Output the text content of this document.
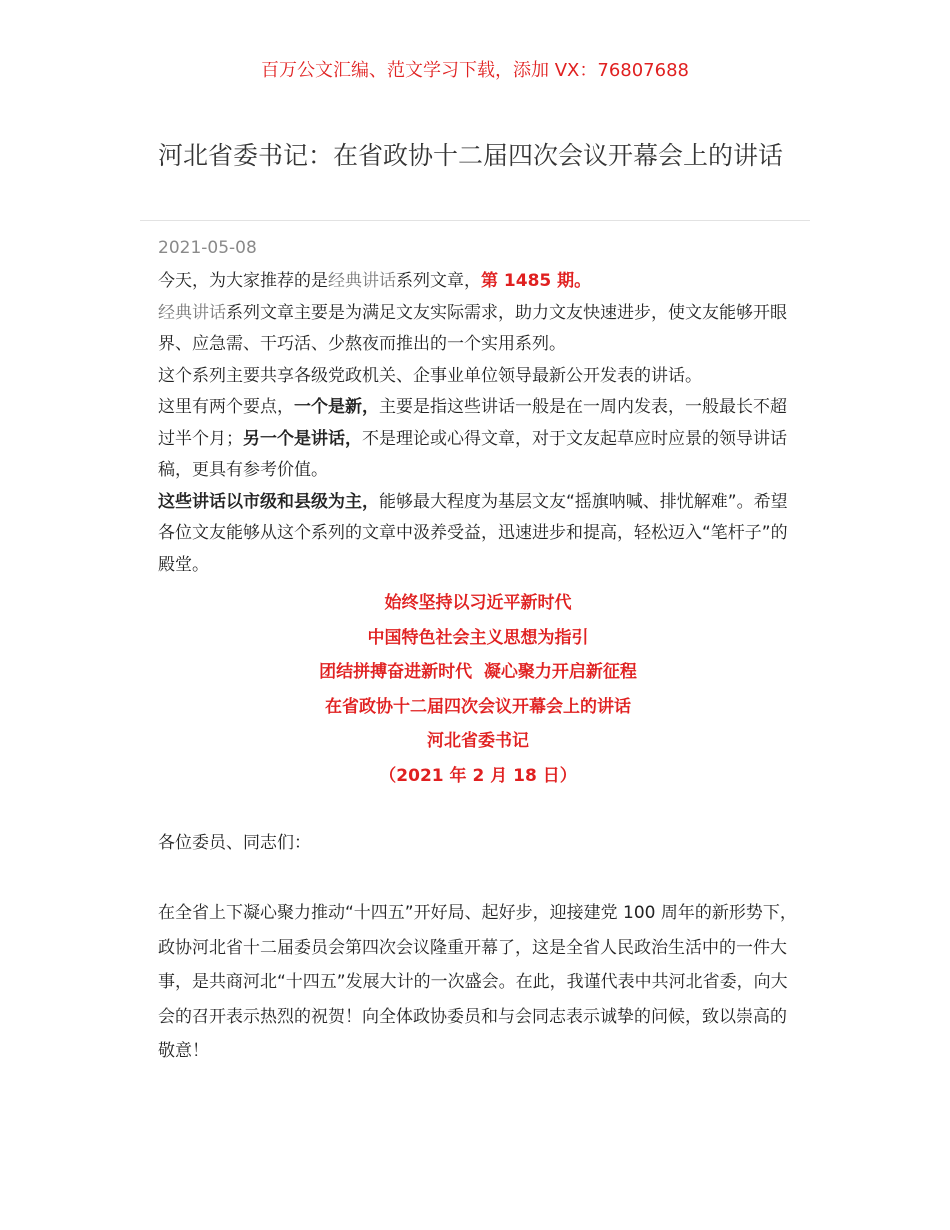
百万公文汇编、范文学习下载，添加 VX：76807688
河北省委书记：在省政协十二届四次会议开幕会上的讲话
2021-05-08

今天，为大家推荐的是经典讲话系列文章，第 1485 期。

经典讲话系列文章主要是为满足文友实际需求，助力文友快速进步，使文友能够开眼界、应急需、干巧活、少熬夜而推出的一个实用系列。

这个系列主要共享各级党政机关、企事业单位领导最新公开发表的讲话。

这里有两个要点，一个是新，主要是指这些讲话一般是在一周内发表，一般最长不超过半个月；另一个是讲话，不是理论或心得文章，对于文友起草应时应景的领导讲话稿，更具有参考价值。

这些讲话以市级和县级为主，能够最大程度为基层文友“摇旗呐喊、排忧解难”。希望各位文友能够从这个系列的文章中汲养受益，迅速进步和提高，轻松迈入“笔杆子”的殿堂。

始终坚持以习近平新时代
中国特色社会主义思想为指引
团结拼搏奋进新时代  凝心聚力开启新征程
在省政协十二届四次会议开幕会上的讲话
河北省委书记
（2021 年 2 月 18 日）
各位委员、同志们：

在全省上下凝心聚力推动“十四五”开好局、起好步，迎接建党 100 周年的新形势下，政协河北省十二届委员会第四次会议隆重开幕了，这是全省人民政治生活中的一件大事，是共商河北“十四五”发展大计的一次盛会。在此，我谨代表中共河北省委，向大会的召开表示热烈的祝贺！向全体政协委员和与会同志表示诚挚的问候，致以崇高的敬意！
